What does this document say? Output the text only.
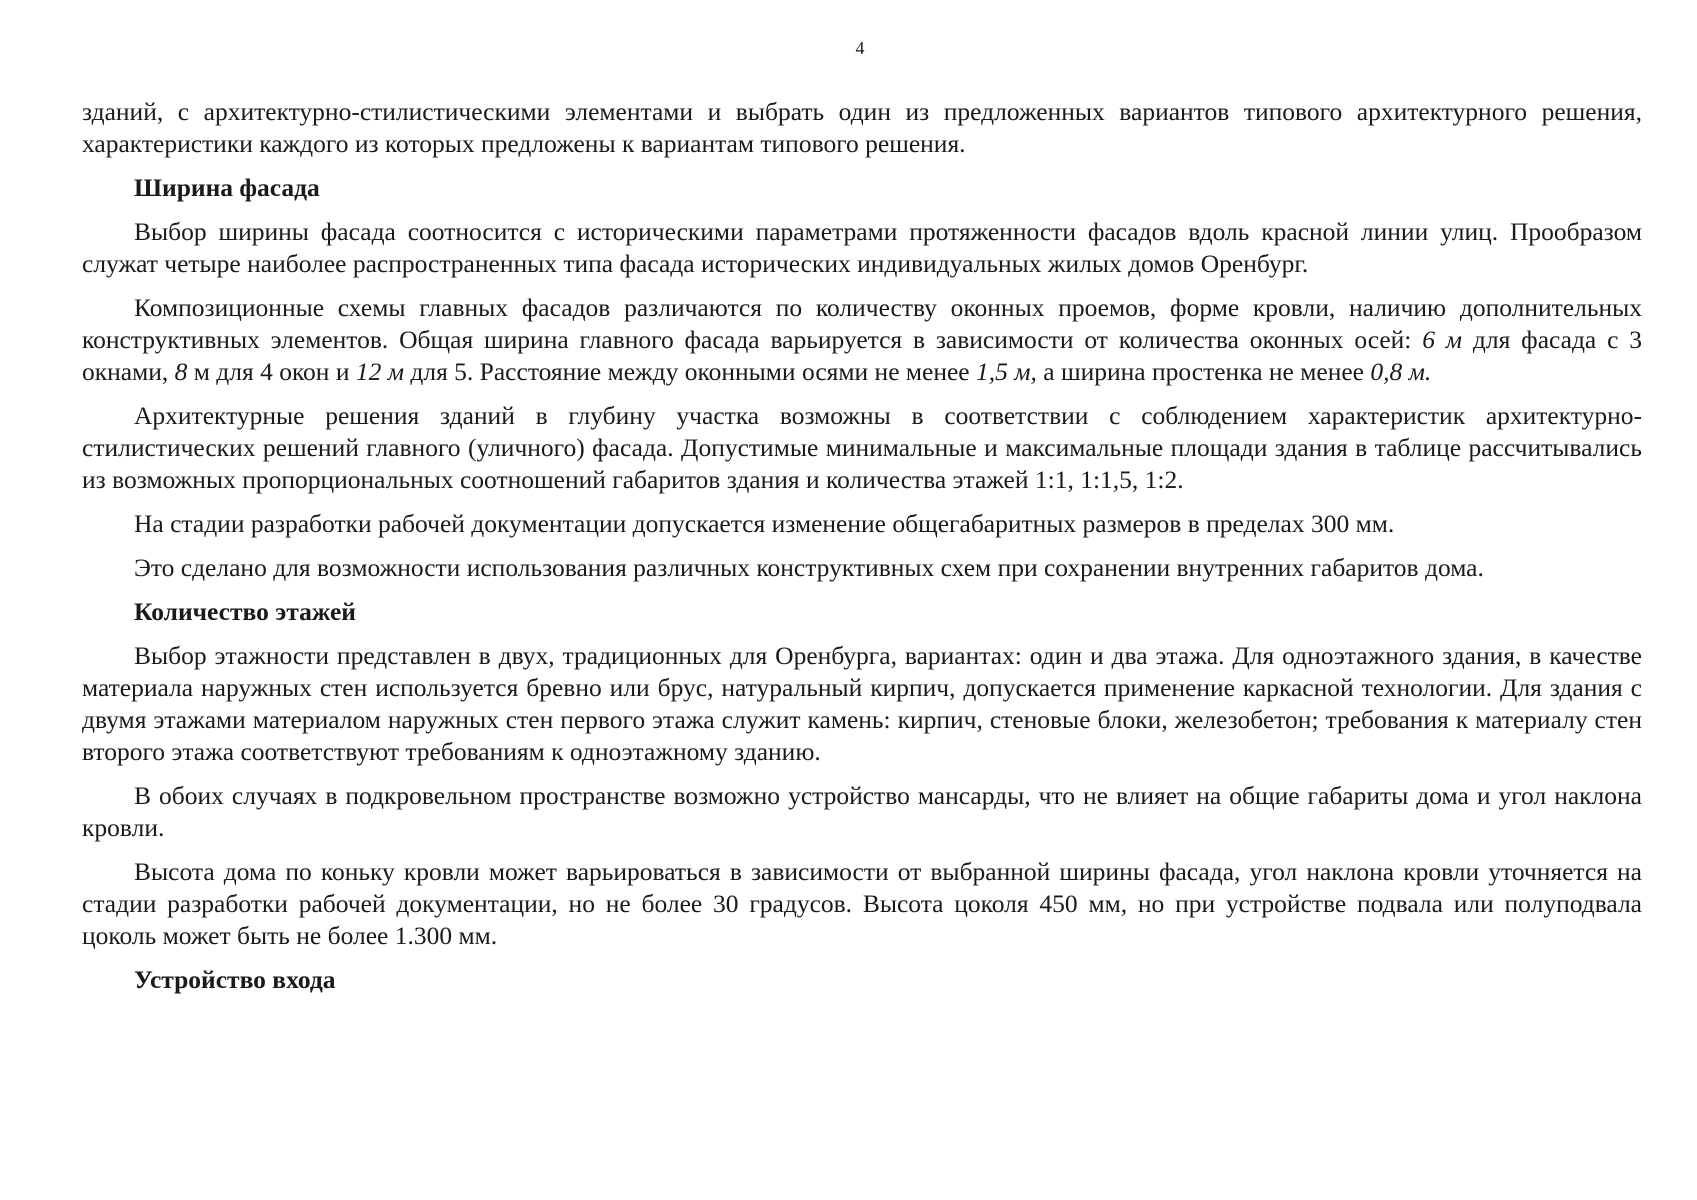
4

зданий, с архитектурно-стилистическими элементами и выбрать один из предложенных вариантов типового архитектурного решения, характеристики каждого из которых предложены к вариантам типового решения.

Ширина фасада

Выбор ширины фасада соотносится с историческими параметрами протяженности фасадов вдоль красной линии улиц. Прообразом служат четыре наиболее распространенных типа фасада исторических индивидуальных жилых домов Оренбург.

Композиционные схемы главных фасадов различаются по количеству оконных проемов, форме кровли, наличию дополнительных конструктивных элементов. Общая ширина главного фасада варьируется в зависимости от количества оконных осей: 6 м для фасада с 3 окнами, 8 м для 4 окон и 12 м для 5. Расстояние между оконными осями не менее 1,5 м, а ширина простенка не менее 0,8 м.

Архитектурные решения зданий в глубину участка возможны в соответствии с соблюдением характеристик архитектурно-стилистических решений главного (уличного) фасада. Допустимые минимальные и максимальные площади здания в таблице рассчитывались из возможных пропорциональных соотношений габаритов здания и количества этажей 1:1, 1:1,5, 1:2.

На стадии разработки рабочей документации допускается изменение общегабаритных размеров в пределах 300 мм.

Это сделано для возможности использования различных конструктивных схем при сохранении внутренних габаритов дома.

Количество этажей

Выбор этажности представлен в двух, традиционных для Оренбурга, вариантах: один и два этажа. Для одноэтажного здания, в качестве материала наружных стен используется бревно или брус, натуральный кирпич, допускается применение каркасной технологии. Для здания с двумя этажами материалом наружных стен первого этажа служит камень: кирпич, стеновые блоки, железобетон; требования к материалу стен второго этажа соответствуют требованиям к одноэтажному зданию.

В обоих случаях в подкровельном пространстве возможно устройство мансарды, что не влияет на общие габариты дома и угол наклона кровли.

Высота дома по коньку кровли может варьироваться в зависимости от выбранной ширины фасада, угол наклона кровли уточняется на стадии разработки рабочей документации, но не более 30 градусов. Высота цоколя 450 мм, но при устройстве подвала или полуподвала цоколь может быть не более 1.300 мм.

Устройство входа
